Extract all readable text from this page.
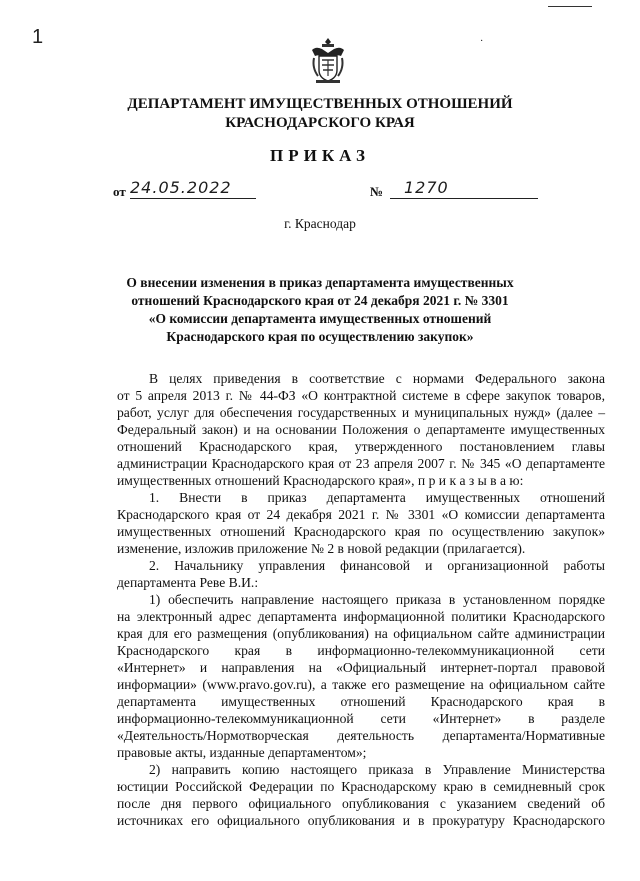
1	·
ДЕПАРТАМЕНТ ИМУЩЕСТВЕННЫХ ОТНОШЕНИЙ
КРАСНОДАРСКОГО КРАЯ
ПРИКАЗ
от 24.05.2022	№ 1270
г. Краснодар
О внесении изменения в приказ департамента имущественных
отношений Краснодарского края от 24 декабря 2021 г. № 3301
«О комиссии департамента имущественных отношений
Краснодарского края по осуществлению закупок»
В целях приведения в соответствие с нормами Федерального закона
от 5 апреля 2013 г. № 44-ФЗ «О контрактной системе в сфере закупок товаров,
работ, услуг для обеспечения государственных и муниципальных нужд» (далее –
Федеральный закон) и на основании Положения о департаменте имущественных
отношений Краснодарского края, утвержденного постановлением главы
администрации Краснодарского края от 23 апреля 2007 г. № 345 «О департаменте
имущественных отношений Краснодарского края», п р и к а з ы в а ю:
1. Внести в приказ департамента имущественных отношений
Краснодарского края от 24 декабря 2021 г. № 3301 «О комиссии департамента
имущественных отношений Краснодарского края по осуществлению закупок»
изменение, изложив приложение № 2 в новой редакции (прилагается).
2. Начальнику управления финансовой и организационной работы
департамента Реве В.И.:
1) обеспечить направление настоящего приказа в установленном порядке
на электронный адрес департамента информационной политики Краснодарского
края для его размещения (опубликования) на официальном сайте администрации
Краснодарского края в информационно-телекоммуникационной сети
«Интернет» и направления на «Официальный интернет-портал правовой
информации» (www.pravo.gov.ru), а также его размещение на официальном сайте
департамента имущественных отношений Краснодарского края в
информационно-телекоммуникационной сети «Интернет» в разделе
«Деятельность/Нормотворческая деятельность департамента/Нормативные
правовые акты, изданные департаментом»;
2) направить копию настоящего приказа в Управление Министерства
юстиции Российской Федерации по Краснодарскому краю в семидневный срок
после дня первого официального опубликования с указанием сведений об
источниках его официального опубликования и в прокуратуру Краснодарского
